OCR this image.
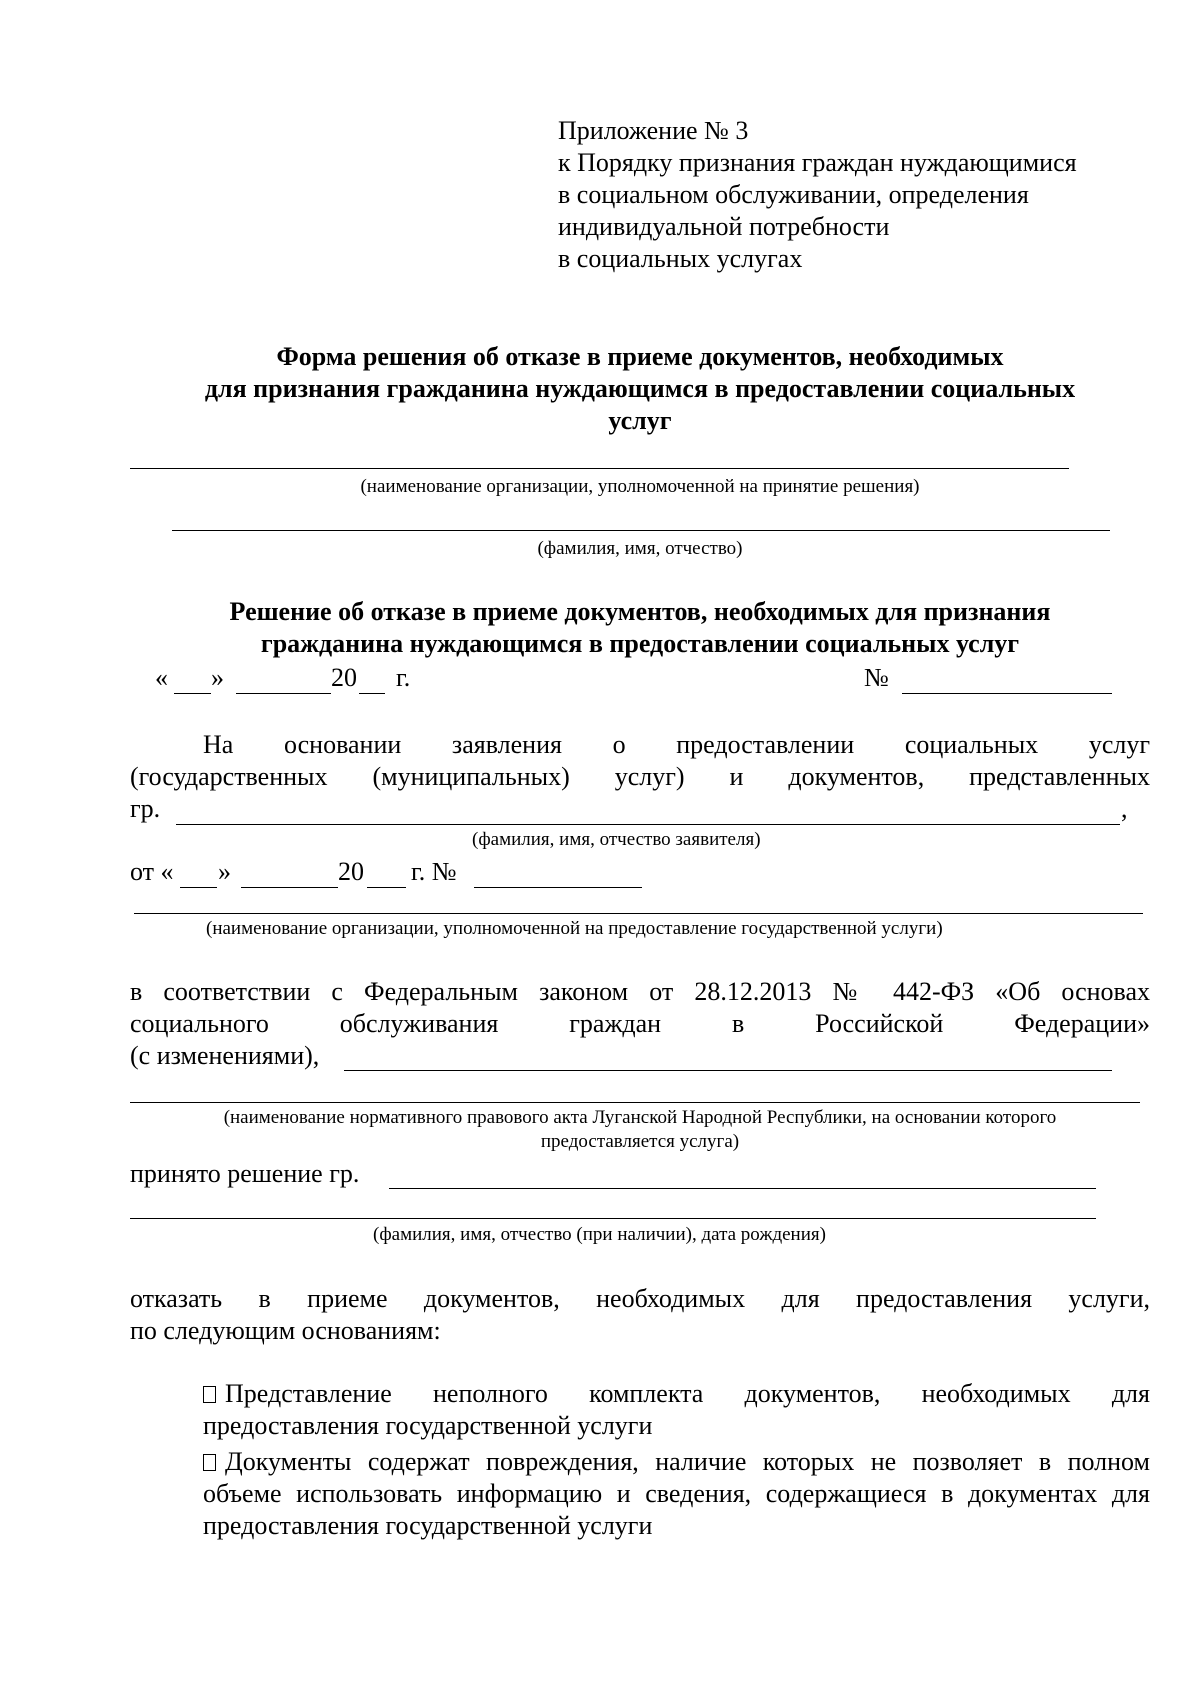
Приложение № 3
к Порядку признания граждан нуждающимися
в социальном обслуживании, определения
индивидуальной потребности
в социальных услугах
Форма решения об отказе в приеме документов, необходимых
для признания гражданина нуждающимся в предоставлении социальных
услуг
(наименование организации, уполномоченной на принятие решения)
(фамилия, имя, отчество)
Решение об отказе в приеме документов, необходимых для признания
гражданина нуждающимся в предоставлении социальных услуг
« »	20 г.	№
На основании заявления о предоставлении социальных услуг
(государственных (муниципальных) услуг) и документов, представленных
гр.	,
(фамилия, имя, отчество заявителя)
от « »	20 г. №
(наименование организации, уполномоченной на предоставление государственной услуги)
в соответствии с Федеральным законом от 28.12.2013 № 442-ФЗ «Об основах
социального обслуживания граждан в Российской Федерации»
(с изменениями),
(наименование нормативного правового акта Луганской Народной Республики, на основании которого
предоставляется услуга)
принято решение гр.
(фамилия, имя, отчество (при наличии), дата рождения)
отказать в приеме документов, необходимых для предоставления услуги,
по следующим основаниям:
Представление неполного комплекта документов, необходимых для предоставления государственной услуги
Документы содержат повреждения, наличие которых не позволяет в полном объеме использовать информацию и сведения, содержащиеся в документах для предоставления государственной услуги
